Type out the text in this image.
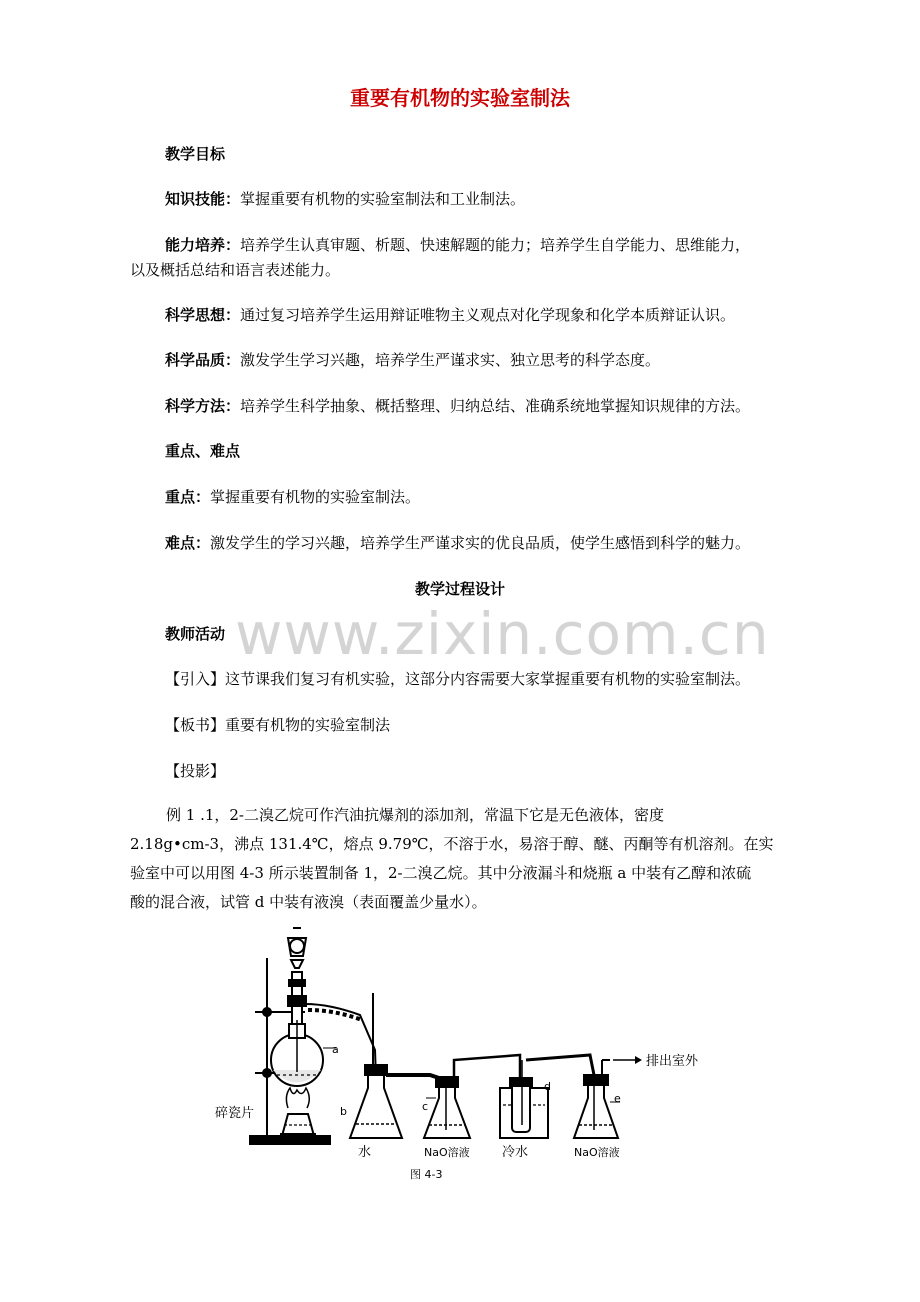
重要有机物的实验室制法
教学目标
知识技能：掌握重要有机物的实验室制法和工业制法。
能力培养：培养学生认真审题、析题、快速解题的能力；培养学生自学能力、思维能力，
以及概括总结和语言表述能力。
科学思想：通过复习培养学生运用辩证唯物主义观点对化学现象和化学本质辩证认识。
科学品质：激发学生学习兴趣，培养学生严谨求实、独立思考的科学态度。
科学方法：培养学生科学抽象、概括整理、归纳总结、准确系统地掌握知识规律的方法。
重点、难点
重点：掌握重要有机物的实验室制法。
难点：激发学生的学习兴趣，培养学生严谨求实的优良品质，使学生感悟到科学的魅力。
教学过程设计
教师活动 www.zixin.com.cn
【引入】这节课我们复习有机实验，这部分内容需要大家掌握重要有机物的实验室制法。
【板书】重要有机物的实验室制法
【投影】
例 1 .1，2-二溴乙烷可作汽油抗爆剂的添加剂，常温下它是无色液体，密度
2.18g•cm-3，沸点 131.4℃，熔点 9.79℃，不溶于水，易溶于醇、醚、丙酮等有机溶剂。在实
验室中可以用图 4-3 所示装置制备 1，2-二溴乙烷。其中分液漏斗和烧瓶 a 中装有乙醇和浓硫
酸的混合液，试管 d 中装有液溴（表面覆盖少量水）。
a
b	c
d
e
碎瓷片
排出室外
水	NaO溶液 冷水	NaO溶液
图 4-3
